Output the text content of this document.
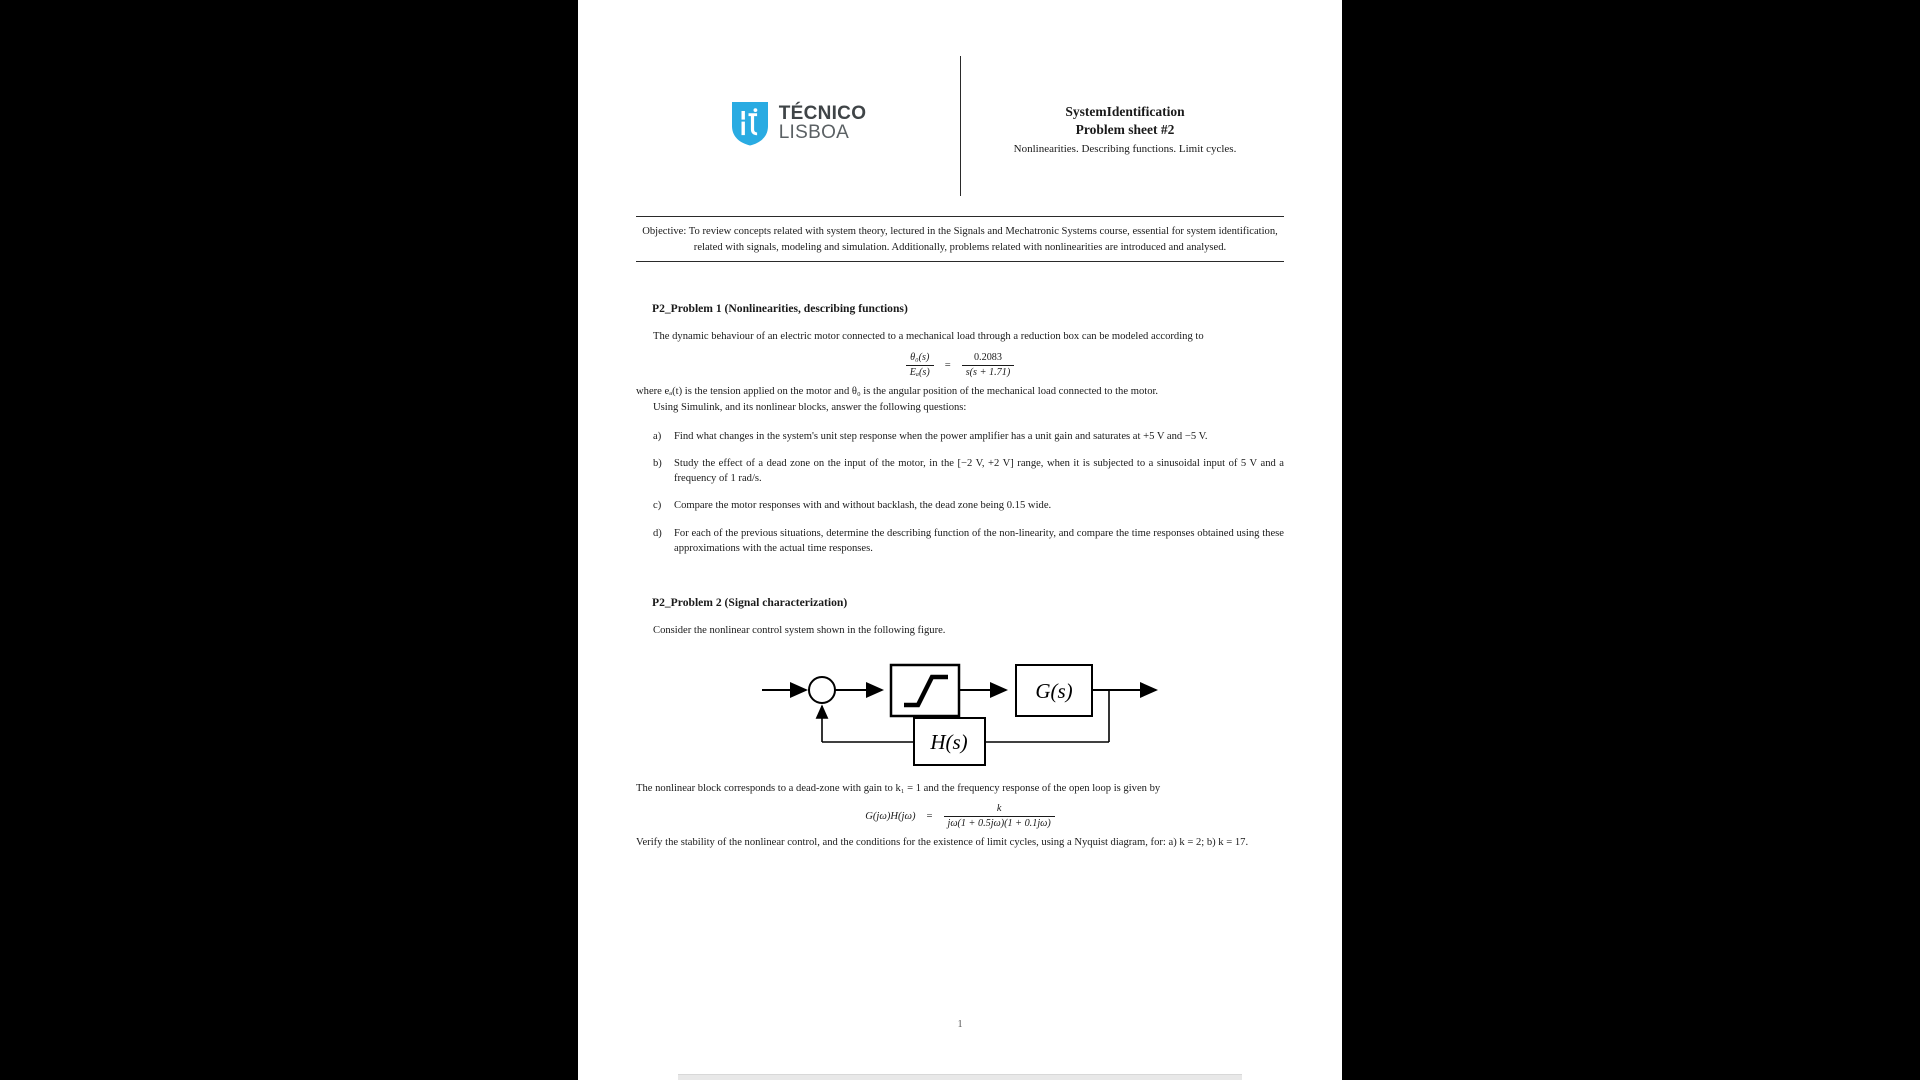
TÉCNICO
LISBOA
SystemIdentification
Problem sheet #2
Nonlinearities. Describing functions. Limit cycles.
Objective: To review concepts related with system theory, lectured in the Signals and Mechatronic Systems course, essential for system identification, related with signals, modeling and simulation. Additionally, problems related with nonlinearities are introduced and analysed.
P2_Problem 1 (Nonlinearities, describing functions)

The dynamic behaviour of an electric motor connected to a mechanical load through a reduction box can be modeled according to

$\frac{\text{θ₀(s)}}{\text{Eₐ(s)}} = \frac{0.2083}{s(s + 1.71)}$

where eₐ(t) is the tension applied on the motor and θ₀ is the angular position of the mechanical load connected to the motor.

Using Simulink, and its nonlinear blocks, answer the following questions:

a)	Find what changes in the system's unit step response when the power amplifier has a unit gain and saturates at +5 V and −5 V.
b)	Study the effect of a dead zone on the input of the motor, in the [−2 V, +2 V] range, when it is subjected to a sinusoidal input of 5 V and a frequency of 1 rad/s.
c)	Compare the motor responses with and without backlash, the dead zone being 0.15 wide.
d)	For each of the previous situations, determine the describing function of the non-linearity, and compare the time responses obtained using these approximations with the actual time responses.
P2_Problem 2 (Signal characterization)

Consider the nonlinear control system shown in the following figure.

G(s)
H(s)

The nonlinear block corresponds to a dead-zone with gain to k₁ = 1 and the frequency response of the open loop is given by

$G(j\omega)H(j\omega) = \frac{k}{j\omega(1 + 0.5j\omega)(1 + 0.1j\omega)}$

Verify the stability of the nonlinear control, and the conditions for the existence of limit cycles, using a Nyquist diagram, for: a) k = 2; b) k = 17.

1
